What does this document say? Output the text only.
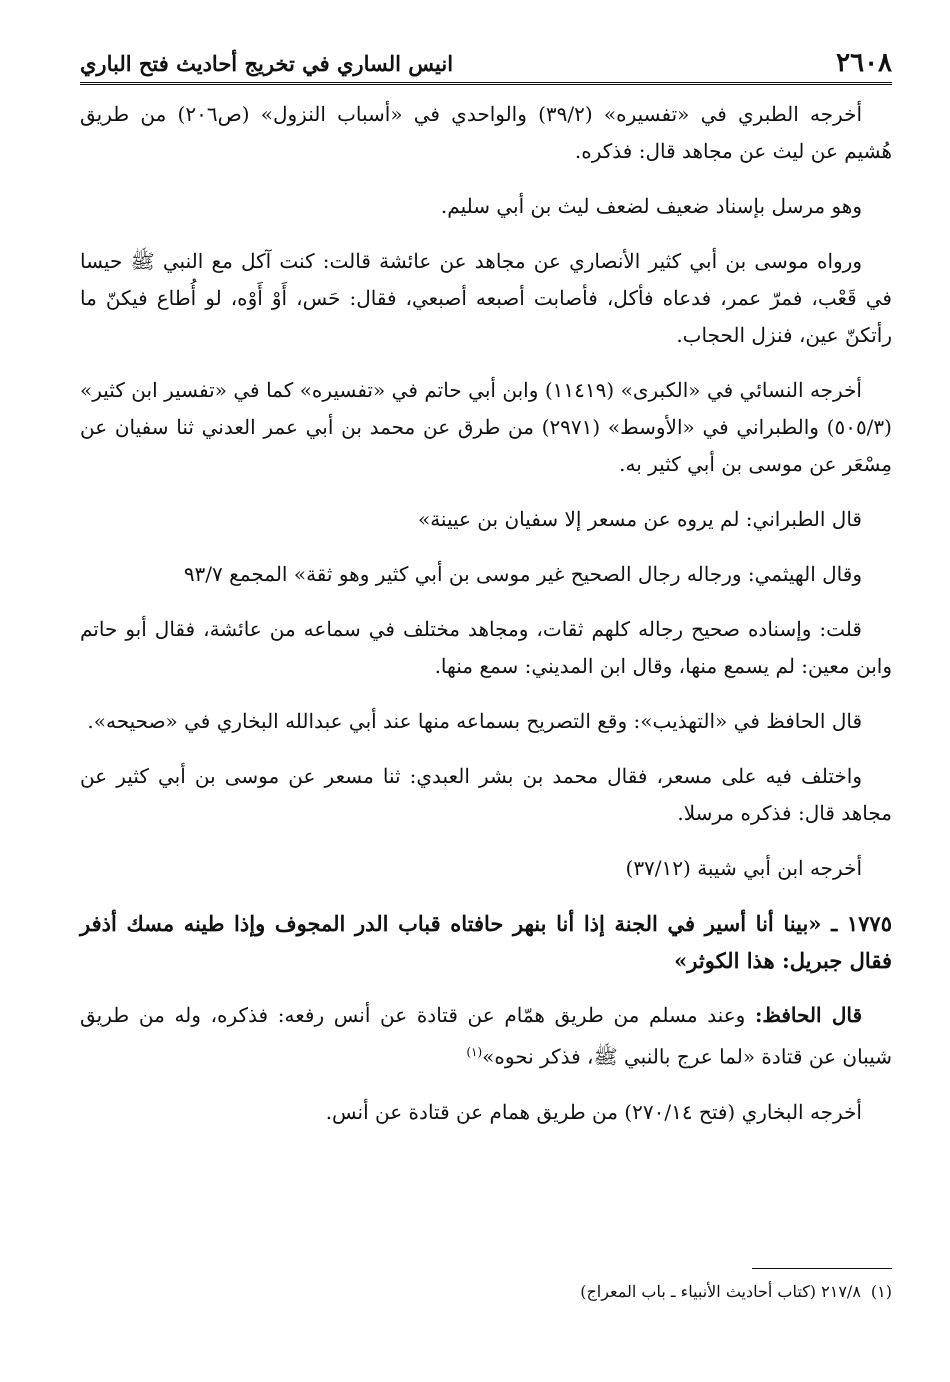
٢٦٠٨
انيس الساري في تخريج أحاديث فتح الباري

أخرجه الطبري في «تفسيره» (٣٩/٢) والواحدي في «أسباب النزول» (ص٢٠٦) من طريق هُشيم عن ليث عن مجاهد قال: فذكره.

وهو مرسل بإسناد ضعيف لضعف ليث بن أبي سليم.

ورواه موسى بن أبي كثير الأنصاري عن مجاهد عن عائشة قالت: كنت آكل مع النبي ﷺ حيسا في قَعْب، فمرّ عمر، فدعاه فأكل، فأصابت أصبعه أصبعي، فقال: حَس، أَوْ أَوْه، لو أُطاع فيكنّ ما رأتكنّ عين، فنزل الحجاب.

أخرجه النسائي في «الكبرى» (١١٤١٩) وابن أبي حاتم في «تفسيره» كما في «تفسير ابن كثير» (٥٠٥/٣) والطبراني في «الأوسط» (٢٩٧١) من طرق عن محمد بن أبي عمر العدني ثنا سفيان عن مِسْعَر عن موسى بن أبي كثير به.

قال الطبراني: لم يروه عن مسعر إلا سفيان بن عيينة»

وقال الهيثمي: ورجاله رجال الصحيح غير موسى بن أبي كثير وهو ثقة» المجمع ٩٣/٧

قلت: وإسناده صحيح رجاله كلهم ثقات، ومجاهد مختلف في سماعه من عائشة، فقال أبو حاتم وابن معين: لم يسمع منها، وقال ابن المديني: سمع منها.

قال الحافظ في «التهذيب»: وقع التصريح بسماعه منها عند أبي عبدالله البخاري في «صحيحه».

واختلف فيه على مسعر، فقال محمد بن بشر العبدي: ثنا مسعر عن موسى بن أبي كثير عن مجاهد قال: فذكره مرسلا.

أخرجه ابن أبي شيبة (٣٧/١٢)

١٧٧٥ ـ «بينا أنا أسير في الجنة إذا أنا بنهر حافتاه قباب الدر المجوف وإذا طينه مسك أذفر فقال جبريل: هذا الكوثر»

قال الحافظ: وعند مسلم من طريق همّام عن قتادة عن أنس رفعه: فذكره، وله من طريق شيبان عن قتادة «لما عرج بالنبي ﷺ، فذكر نحوه»$^{(١)}$

أخرجه البخاري (فتح ٢٧٠/١٤) من طريق همام عن قتادة عن أنس.

(١)
٢١٧/٨ (كتاب أحاديث الأنبياء ـ باب المعراج)
